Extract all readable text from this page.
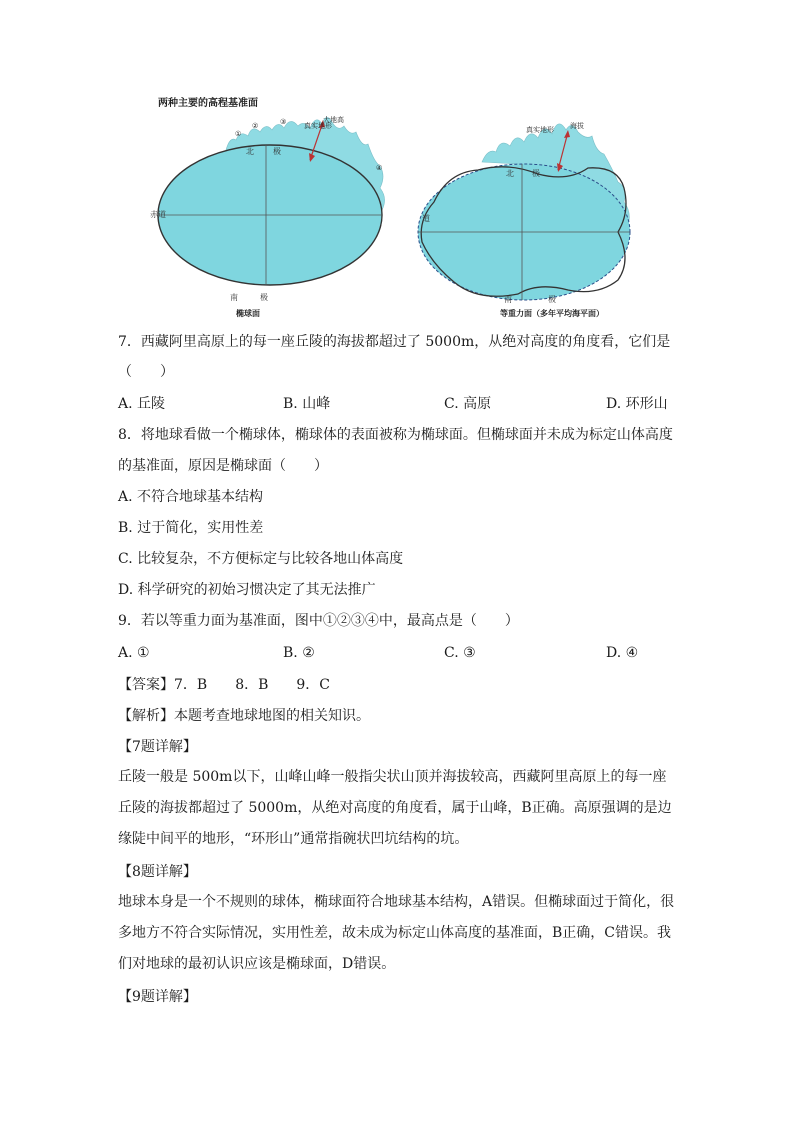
两种主要的高程基准面
真实地形
大地高
①
②	③
④
北 极
赤道
南	极
椭球面
真实地形 海拔
北 极
道
南	极
等重力面（多年平均海平面）
7．西藏阿里高原上的每一座丘陵的海拔都超过了 5000m，从绝对高度的角度看，它们是
（　　）
A. 丘陵	B. 山峰	C. 高原	D. 环形山
8．将地球看做一个椭球体，椭球体的表面被称为椭球面。但椭球面并未成为标定山体高度的基准面，原因是椭球面（　　）
A. 不符合地球基本结构
B. 过于简化，实用性差
C. 比较复杂，不方便标定与比较各地山体高度
D. 科学研究的初始习惯决定了其无法推广
9．若以等重力面为基准面，图中①②③④中，最高点是（　　）
A. ①	B. ②	C. ③	D. ④
【答案】7．B　　8．B　　9．C
【解析】本题考查地球地图的相关知识。
【7题详解】
丘陵一般是 500m以下，山峰山峰一般指尖状山顶并海拔较高，西藏阿里高原上的每一座丘陵的海拔都超过了 5000m，从绝对高度的角度看，属于山峰，B正确。高原强调的是边缘陡中间平的地形，“环形山”通常指碗状凹坑结构的坑。
【8题详解】
地球本身是一个不规则的球体，椭球面符合地球基本结构，A错误。但椭球面过于简化，很多地方不符合实际情况，实用性差，故未成为标定山体高度的基准面，B正确，C错误。我们对地球的最初认识应该是椭球面，D错误。
【9题详解】
